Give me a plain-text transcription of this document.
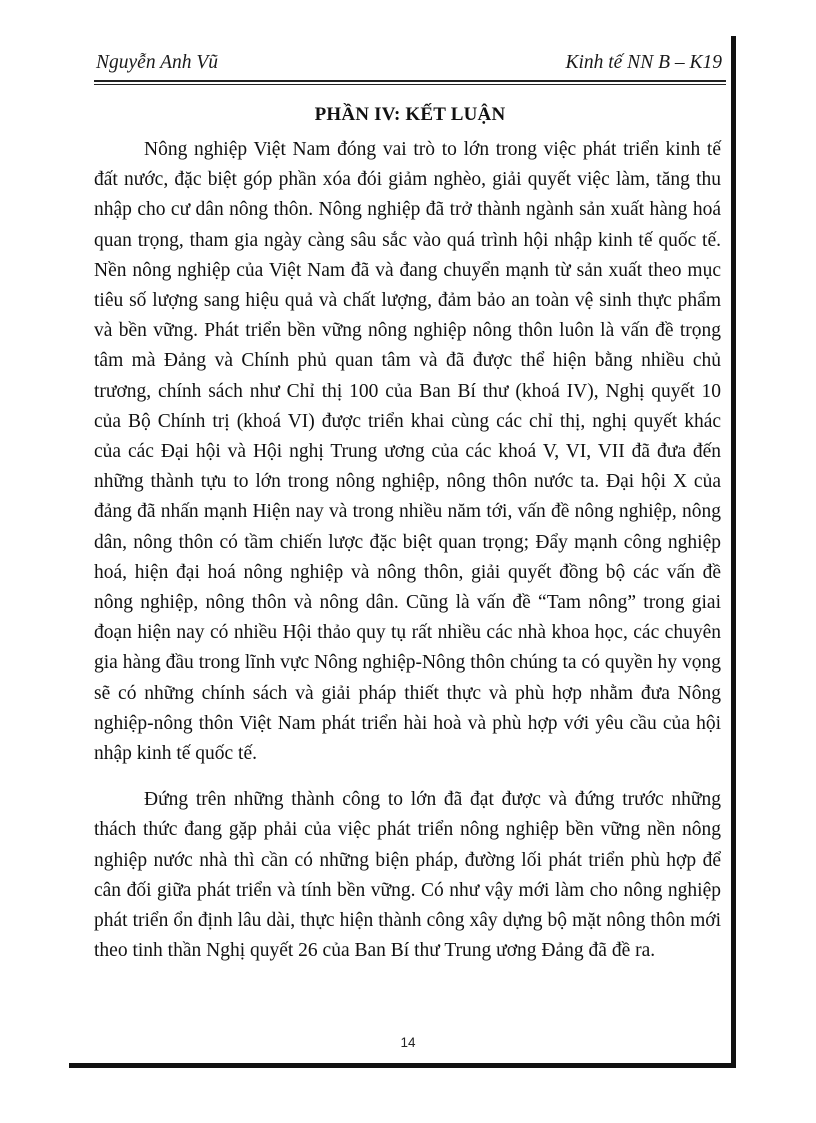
Nguyễn Anh Vũ	Kinh tế NN B – K19
PHẦN IV: KẾT LUẬN

Nông nghiệp Việt Nam đóng vai trò to lớn trong việc phát triển kinh tế đất nước, đặc biệt góp phần xóa đói giảm nghèo, giải quyết việc làm, tăng thu nhập cho cư dân nông thôn. Nông nghiệp đã trở thành ngành sản xuất hàng hoá quan trọng, tham gia ngày càng sâu sắc vào quá trình hội nhập kinh tế quốc tế. Nền nông nghiệp của Việt Nam đã và đang chuyển mạnh từ sản xuất theo mục tiêu số lượng sang hiệu quả và chất lượng, đảm bảo an toàn vệ sinh thực phẩm và bền vững. Phát triển bền vững nông nghiệp nông thôn luôn là vấn đề trọng tâm mà Đảng và Chính phủ quan tâm và đã được thể hiện bằng nhiều chủ trương, chính sách như Chỉ thị 100 của Ban Bí thư (khoá IV), Nghị quyết 10 của Bộ Chính trị (khoá VI) được triển khai cùng các chỉ thị, nghị quyết khác của các Đại hội và Hội nghị Trung ương của các khoá V, VI, VII đã đưa đến những thành tựu to lớn trong nông nghiệp, nông thôn nước ta. Đại hội X của đảng đã nhấn mạnh Hiện nay và trong nhiều năm tới, vấn đề nông nghiệp, nông dân, nông thôn có tầm chiến lược đặc biệt quan trọng; Đẩy mạnh công nghiệp hoá, hiện đại hoá nông nghiệp và nông thôn, giải quyết đồng bộ các vấn đề nông nghiệp, nông thôn và nông dân. Cũng là vấn đề “Tam nông” trong giai đoạn hiện nay có nhiều Hội thảo quy tụ rất nhiều các nhà khoa học, các chuyên gia hàng đầu trong lĩnh vực Nông nghiệp-Nông thôn chúng ta có quyền hy vọng sẽ có những chính sách và giải pháp thiết thực và phù hợp nhằm đưa Nông nghiệp-nông thôn Việt Nam phát triển hài hoà và phù hợp với yêu cầu của hội nhập kinh tế quốc tế.

Đứng trên những thành công to lớn đã đạt được và đứng trước những thách thức đang gặp phải của việc phát triển nông nghiệp bền vững nền nông nghiệp nước nhà thì cần có những biện pháp, đường lối phát triển phù hợp để cân đối giữa phát triển và tính bền vững. Có như vậy mới làm cho nông nghiệp phát triển ổn định lâu dài, thực hiện thành công xây dựng bộ mặt nông thôn mới theo tinh thần Nghị quyết 26 của Ban Bí thư Trung ương Đảng đã đề ra.

14
